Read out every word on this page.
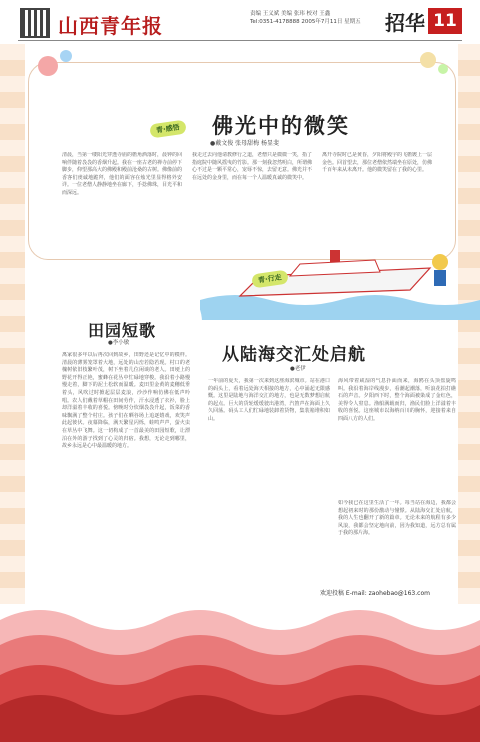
山西青年报	责编 王义斌 美编 张玮 校对 王鑫
Tel:0351-4178888 2005年7月11日 星期五	招华 11
青·感悟	佛光中的微笑
●戴文俊 张母甜梅 杨显斐
清晨，当第一缕阳光穿透寺庙的檐角洒落时，晨钟的回响伴随着袅袅的香烟升起。我在一座古老的禅寺前停下脚步，仰望那高大的佛殿和殿前沧桑的古树。佛像前的香客们虔诚地跪拜，他们的面容在烛光里显得格外安详。一位老僧人静静地坐在廊下，手捻佛珠，目光平和而深远。
我走过去向他请教修行之道，老僧只是微微一笑，指了指庭院中随风摇曳的竹影。那一刻我忽然明白，所谓佛心不过是一颗平常心，宠辱不惊，去留无意。佛光并不在远处的金身里，而在每一个人温暖真诚的微笑中。
离开寺院时已是黄昏，夕阳将殿宇的飞檐镀上一层金色。回首望去，那位老僧依然端坐在原处，仿佛千百年来从未离开。他的微笑留在了我的心里。
青·行走
田园短歌
●李小敏
离家很多年以后再次回到故乡，田野还是记忆中的模样。清晨的薄雾笼罩着大地，远处的山峦若隐若现。村口的老槐树依旧枝繁叶茂，树下坐着几位闲谈的老人。田埂上的野花开得正艳，蜜蜂在花丛中忙碌地穿梭。我沿着小路慢慢走着，脚下的泥土松软而温暖。麦田里金黄的麦穗低垂着头，风吹过时掀起层层麦浪，沙沙作响仿佛在低声吟唱。农人们戴着草帽在田间劳作，汗水浸透了衣衫，脸上却洋溢着丰收的喜悦。傍晚时分炊烟袅袅升起，饭菜的香味飘满了整个村庄。孩子们在晒谷场上追逐嬉戏，欢笑声此起彼伏。夜幕降临，满天繁星闪烁，蛙鸣声声，萤火虫在草丛中飞舞。这一切构成了一首最美的田园短歌，让漂泊在外的游子找到了心灵的归宿。我想，无论走到哪里，故乡永远是心中最温暖的地方。
从陆海交汇处启航
●老伊
一年前的夏天，我第一次来到这座海滨城市。站在港口的码头上，看着远处海天相接的地方，心中涌起无限感慨。这里是陆地与海洋交汇的地方，也是无数梦想启航的起点。巨大的货轮缓缓驶出港湾，汽笛声在海面上久久回荡。码头工人们忙碌地装卸着货物，集装箱堆积如山。
海风带着咸湿的气息扑面而来，海鸥在头顶盘旋鸣叫。我沿着海岸线漫步，看潮起潮落，听浪花拍打礁石的声音。夕阳西下时，整个海面被染成了金红色，美得令人窒息。渔船满载而归，渔民们脸上洋溢着丰收的喜悦。这座城市以海纳百川的胸怀，迎接着来自四面八方的人们。
如今我已在这里生活了一年。每当站在海边，我都会想起初来时的那份激动与憧憬。从陆海交汇处启航，我的人生也翻开了新的篇章。无论未来的航程有多少风浪，我都会坚定地向前，因为我知道，远方总有属于我的那片海。
欢迎投稿 E-mail: zaohebao@163.com
